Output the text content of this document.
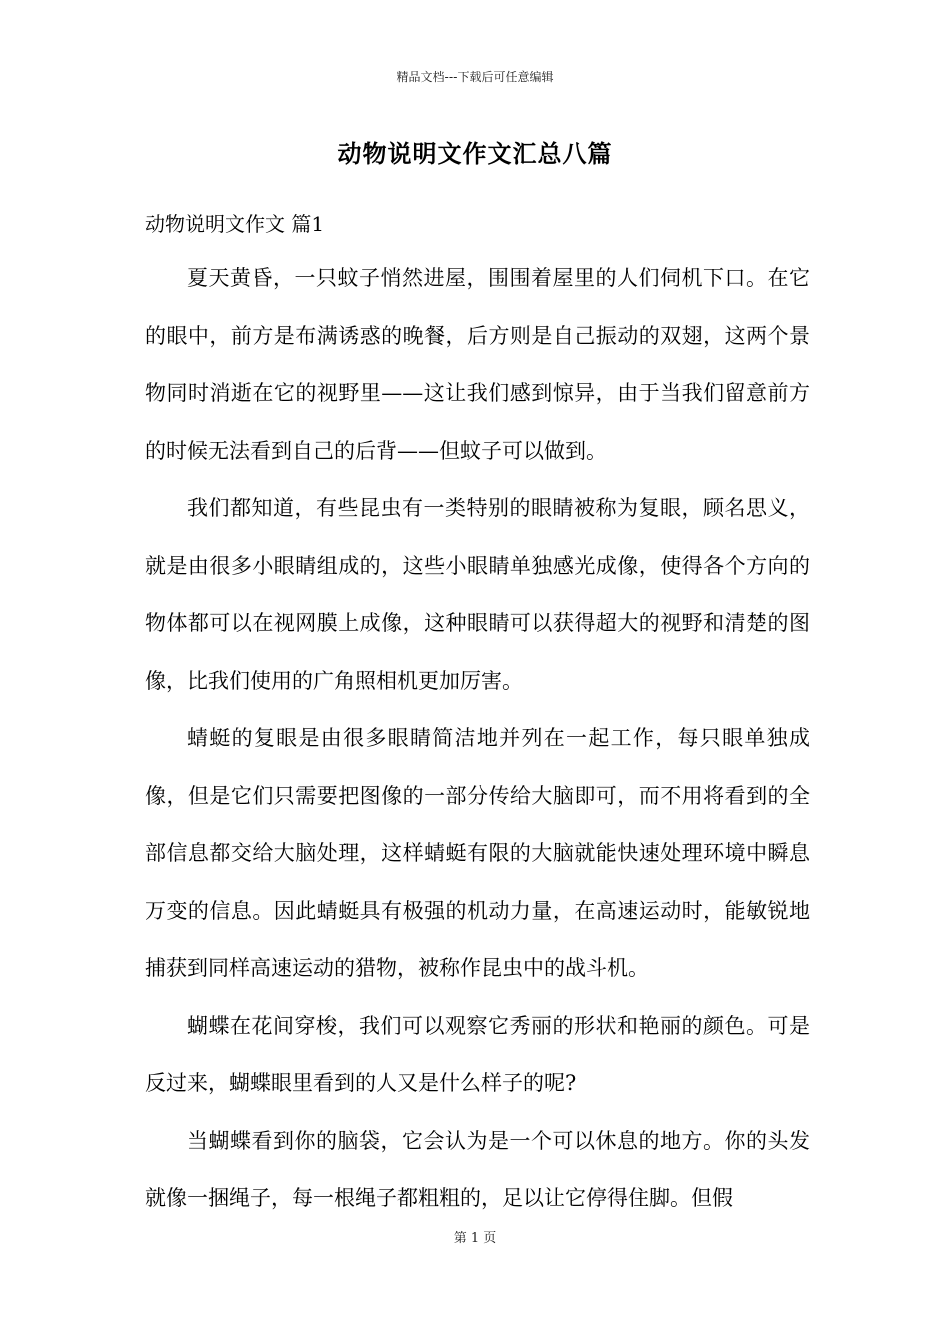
精品文档---下载后可任意编辑
动物说明文作文汇总八篇
动物说明文作文 篇1

夏天黄昏，一只蚊子悄然进屋，围围着屋里的人们伺机下口。在它的眼中，前方是布满诱惑的晚餐，后方则是自己振动的双翅，这两个景物同时消逝在它的视野里——这让我们感到惊异，由于当我们留意前方的时候无法看到自己的后背——但蚊子可以做到。

我们都知道，有些昆虫有一类特别的眼睛被称为复眼，顾名思义，就是由很多小眼睛组成的，这些小眼睛单独感光成像，使得各个方向的物体都可以在视网膜上成像，这种眼睛可以获得超大的视野和清楚的图像，比我们使用的广角照相机更加厉害。

蜻蜓的复眼是由很多眼睛简洁地并列在一起工作，每只眼单独成像，但是它们只需要把图像的一部分传给大脑即可，而不用将看到的全部信息都交给大脑处理，这样蜻蜓有限的大脑就能快速处理环境中瞬息万变的信息。因此蜻蜓具有极强的机动力量，在高速运动时，能敏锐地捕获到同样高速运动的猎物，被称作昆虫中的战斗机。

蝴蝶在花间穿梭，我们可以观察它秀丽的形状和艳丽的颜色。可是反过来，蝴蝶眼里看到的人又是什么样子的呢?

当蝴蝶看到你的脑袋，它会认为是一个可以休息的地方。你的头发就像一捆绳子，每一根绳子都粗粗的，足以让它停得住脚。但假

第 1 页
